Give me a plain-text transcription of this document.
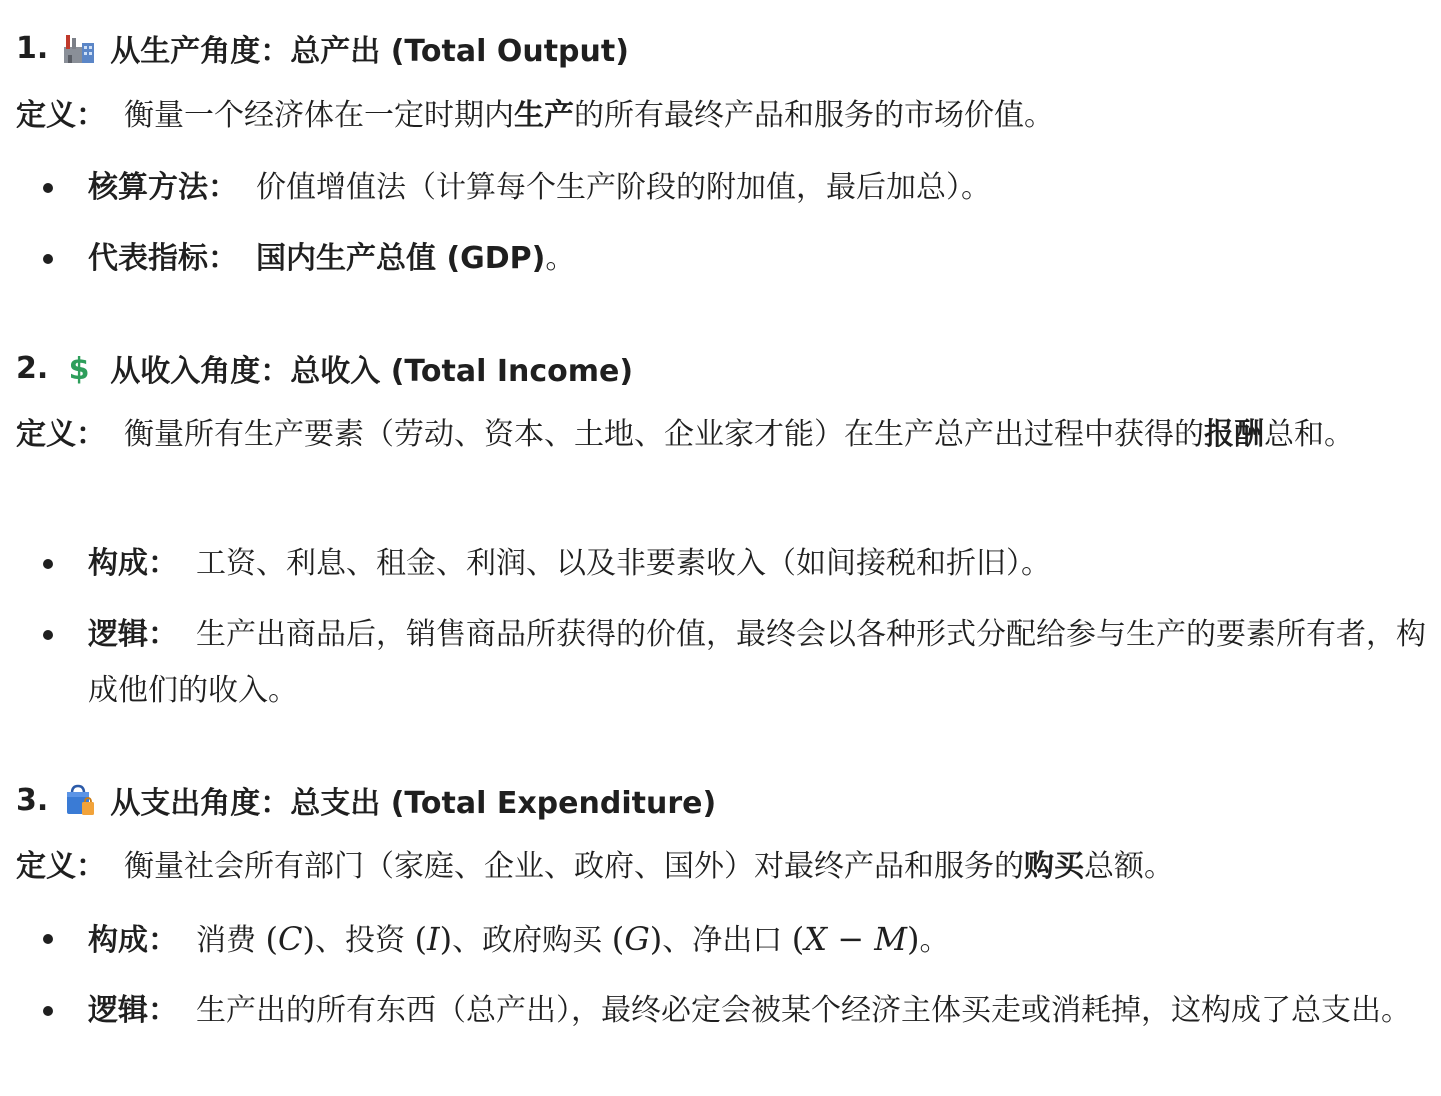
1. 从生产角度：总产出 (Total Output)
定义： 衡量一个经济体在一定时期内生产的所有最终产品和服务的市场价值。
核算方法： 价值增值法（计算每个生产阶段的附加值，最后加总）。
代表指标： 国内生产总值 (GDP)。
2. $ 从收入角度：总收入 (Total Income)
定义： 衡量所有生产要素（劳动、资本、土地、企业家才能）在生产总产出过程中获得的报酬总和。
构成： 工资、利息、租金、利润、以及非要素收入（如间接税和折旧）。
逻辑： 生产出商品后，销售商品所获得的价值，最终会以各种形式分配给参与生产的要素所有者，构成他们的收入。
3. 从支出角度：总支出 (Total Expenditure)
定义： 衡量社会所有部门（家庭、企业、政府、国外）对最终产品和服务的购买总额。
构成： 消费 (C)、投资 (I)、政府购买 (G)、净出口 (X − M)。
逻辑： 生产出的所有东西（总产出），最终必定会被某个经济主体买走或消耗掉，这构成了总支出。
